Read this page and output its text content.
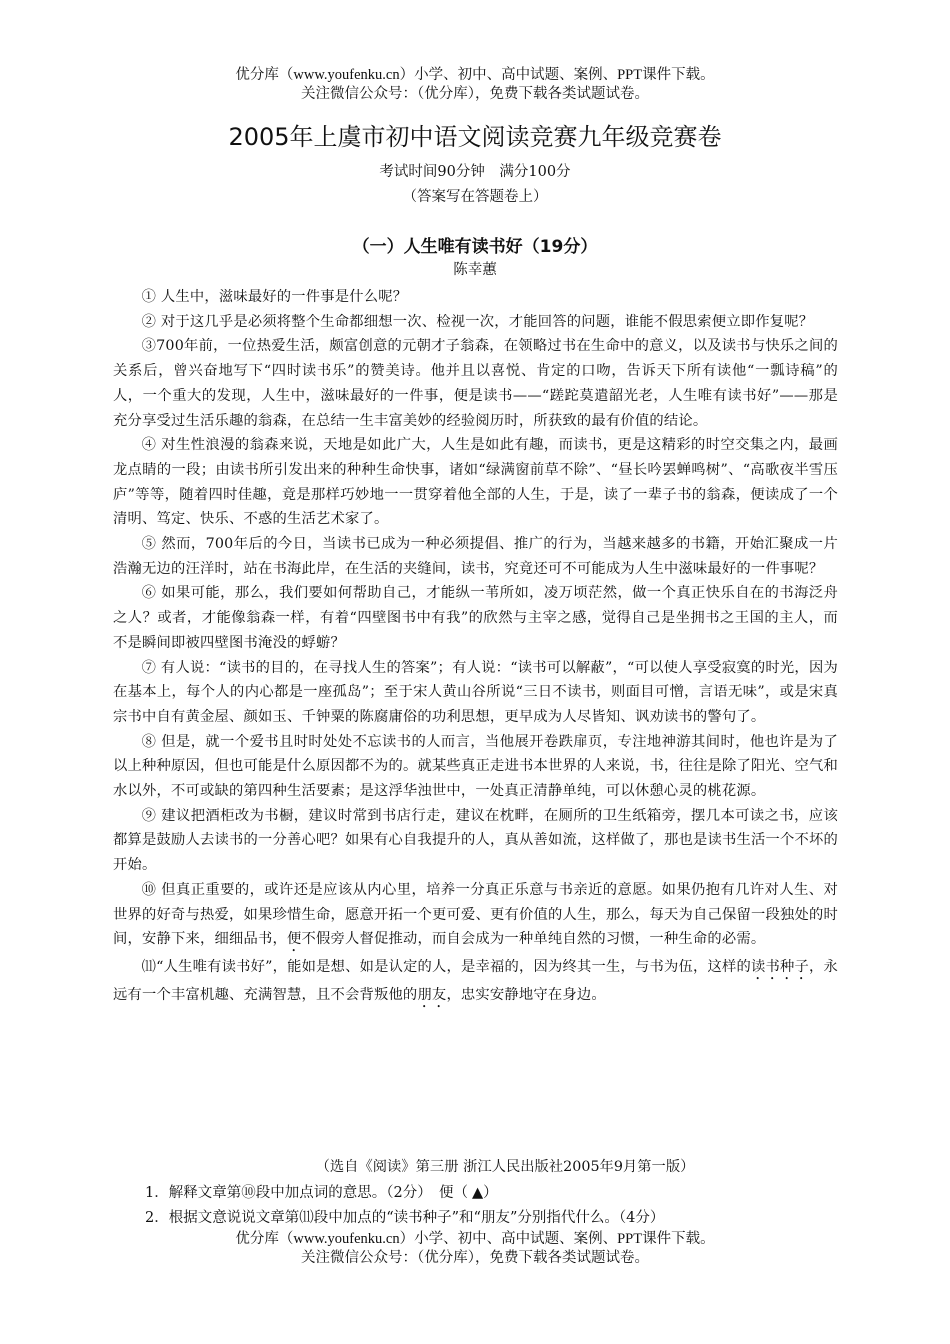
优分库（www.youfenku.cn）小学、初中、高中试题、案例、PPT课件下载。
关注微信公众号：（优分库），免费下载各类试题试卷。
2005年上虞市初中语文阅读竞赛九年级竞赛卷
考试时间90分钟　满分100分
（答案写在答题卷上）
（一）人生唯有读书好（19分）
陈幸蕙

① 人生中，滋味最好的一件事是什么呢？

② 对于这几乎是必须将整个生命都细想一次、检视一次，才能回答的问题，谁能不假思索便立即作复呢？

③700年前，一位热爱生活，颇富创意的元朝才子翁森，在领略过书在生命中的意义，以及读书与快乐之间的关系后，曾兴奋地写下“四时读书乐”的赞美诗。他并且以喜悦、肯定的口吻，告诉天下所有读他“一瓢诗稿”的人，一个重大的发现，人生中，滋味最好的一件事，便是读书——“蹉跎莫遣韶光老，人生唯有读书好”——那是充分享受过生活乐趣的翁森，在总结一生丰富美妙的经验阅历时，所获致的最有价值的结论。

④ 对生性浪漫的翁森来说，天地是如此广大，人生是如此有趣，而读书，更是这精彩的时空交集之内，最画龙点睛的一段；由读书所引发出来的种种生命快事，诸如“绿满窗前草不除”、“昼长吟罢蝉鸣树”、“高歌夜半雪压庐”等等，随着四时佳趣，竟是那样巧妙地一一贯穿着他全部的人生，于是，读了一辈子书的翁森，便读成了一个清明、笃定、快乐、不惑的生活艺术家了。

⑤ 然而，700年后的今日，当读书已成为一种必须提倡、推广的行为，当越来越多的书籍，开始汇聚成一片浩瀚无边的汪洋时，站在书海此岸，在生活的夹缝间，读书，究竟还可不可能成为人生中滋味最好的一件事呢？

⑥ 如果可能，那么，我们要如何帮助自己，才能纵一苇所如，凌万顷茫然，做一个真正快乐自在的书海泛舟之人？或者，才能像翁森一样，有着“四壁图书中有我”的欣然与主宰之感，觉得自己是坐拥书之王国的主人，而不是瞬间即被四壁图书淹没的蜉蝣？

⑦ 有人说：“读书的目的，在寻找人生的答案”；有人说：“读书可以解蔽”，“可以使人享受寂寞的时光，因为在基本上，每个人的内心都是一座孤岛”；至于宋人黄山谷所说“三日不读书，则面目可憎，言语无味”，或是宋真宗书中自有黄金屋、颜如玉、千钟粟的陈腐庸俗的功利思想，更早成为人尽皆知、讽劝读书的警句了。

⑧ 但是，就一个爱书且时时处处不忘读书的人而言，当他展开卷跌扉页，专注地神游其间时，他也许是为了以上种种原因，但也可能是什么原因都不为的。就某些真正走进书本世界的人来说，书，往往是除了阳光、空气和水以外，不可或缺的第四种生活要素；是这浮华浊世中，一处真正清静单纯，可以休憩心灵的桃花源。

⑨ 建议把酒柜改为书橱，建议时常到书店行走，建议在枕畔，在厕所的卫生纸箱旁，摆几本可读之书，应该都算是鼓励人去读书的一分善心吧？如果有心自我提升的人，真从善如流，这样做了，那也是读书生活一个不坏的开始。

⑩ 但真正重要的，或许还是应该从内心里，培养一分真正乐意与书亲近的意愿。如果仍抱有几许对人生、对世界的好奇与热爱，如果珍惜生命，愿意开拓一个更可爱、更有价值的人生，那么，每天为自己保留一段独处的时间，安静下来，细细品书，便不假旁人督促推动，而自会成为一种单纯自然的习惯，一种生命的必需。

⑾“人生唯有读书好”，能如是想、如是认定的人，是幸福的，因为终其一生，与书为伍，这样的读书种子，永远有一个丰富机趣、充满智慧，且不会背叛他的朋友，忠实安静地守在身边。

（选自《阅读》第三册 浙江人民出版社2005年9月第一版）
1．解释文章第⑩段中加点词的意思。（2分）　便（ ▲）
2．根据文意说说文章第⑾段中加点的“读书种子”和“朋友”分别指代什么。（4分）
优分库（www.youfenku.cn）小学、初中、高中试题、案例、PPT课件下载。
关注微信公众号：（优分库），免费下载各类试题试卷。
